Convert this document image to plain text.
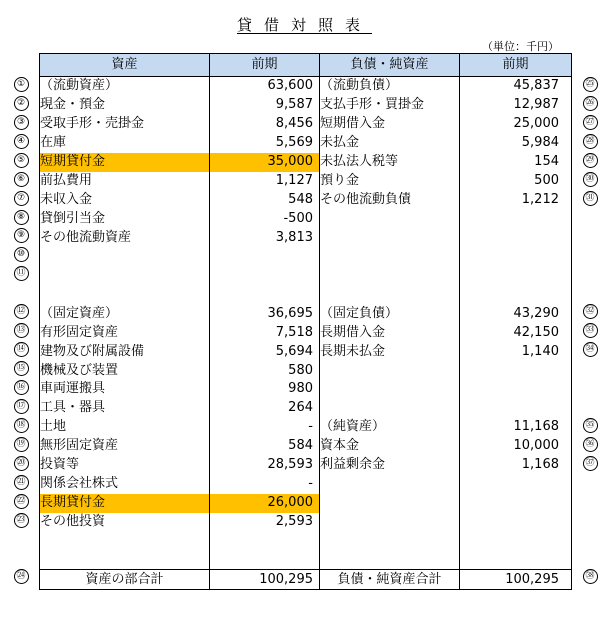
貸借対照表
（単位：千円）
資産	前期	負債・純資産	前期
（流動資産）	63,600	（流動負債）	45,837
現金・預金	9,587	支払手形・買掛金	12,987
受取手形・売掛金	8,456	短期借入金	25,000
在庫	5,569	未払金	5,984
短期貸付金	35,000	未払法人税等	154
前払費用	1,127	預り金	500
未収入金	548	その他流動負債	1,212
貸倒引当金	-500		
その他流動資産	3,813		

（固定資産）	36,695	（固定負債）	43,290
有形固定資産	7,518	長期借入金	42,150
建物及び附属設備	5,694	長期未払金	1,140
機械及び装置	580		
車両運搬具	980		
工具・器具	264		
土地	-	（純資産）	11,168
無形固定資産	584	資本金	10,000
投資等	28,593	利益剰余金	1,168
関係会社株式	-		
長期貸付金	26,000		
その他投資	2,593		

資産の部合計	100,295	負債・純資産合計	100,295
①
②
③
④
⑤
⑥
⑦
⑧
⑨
⑩
⑪
⑫
⑬
⑭
⑮
⑯
⑰
⑱
⑲
⑳
㉑
㉒
㉓
㉔
㉕
㉖
㉗
㉘
㉙
㉚
㉛
㉜
㉝
㉞
㉟
㊱
㊲
㊳
